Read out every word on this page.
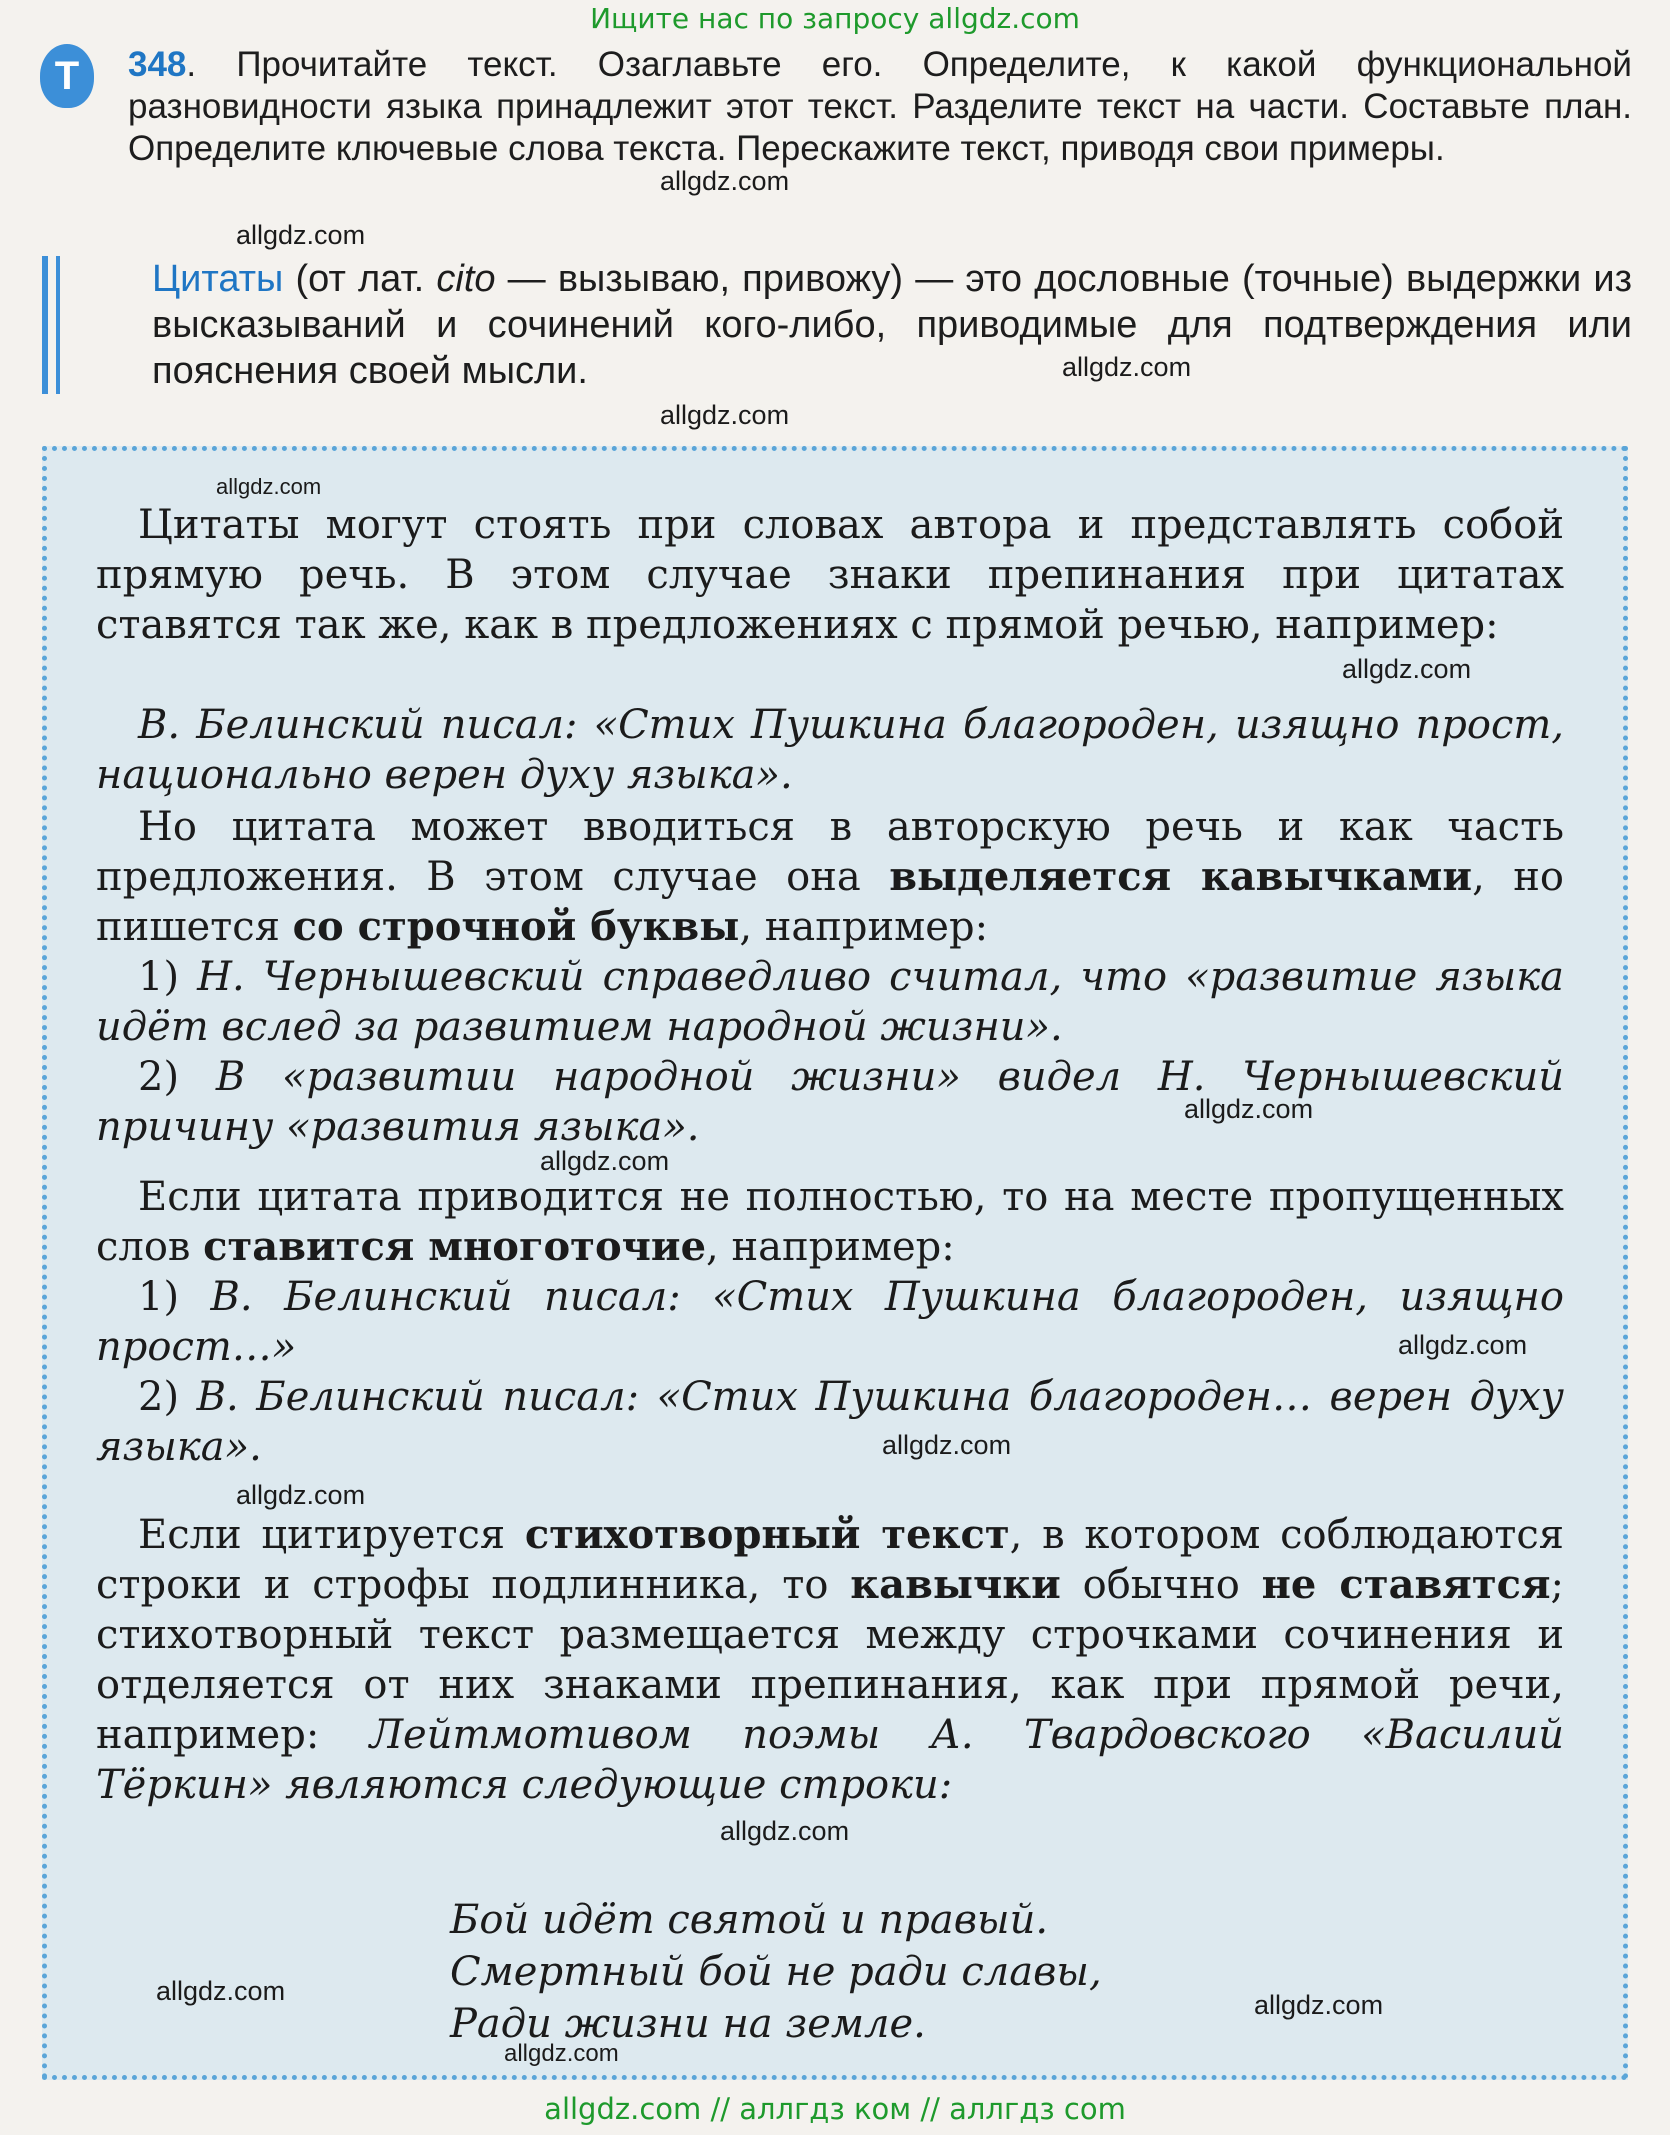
Ищите нас по запросу allgdz.com
Т	348. Прочитайте текст. Озаглавьте его. Определите, к какой функциональной разновидности языка принадлежит этот текст. Разделите текст на части. Составьте план. Определите ключевые слова текста. Перескажите текст, приводя свои примеры.
Цитаты (от лат. cito — вызываю, привожу) — это дословные (точные) выдержки из высказываний и сочинений кого-либо, приводимые для подтверждения или пояснения своей мысли.
Цитаты могут стоять при словах автора и представлять собой прямую речь. В этом случае знаки препинания при цитатах ставятся так же, как в предложениях с прямой речью, например:
В. Белинский писал: «Стих Пушкина благороден, изящно прост, национально верен духу языка».
Но цитата может вводиться в авторскую речь и как часть предложения. В этом случае она выделяется кавычками, но пишется со строчной буквы, например:
1) Н. Чернышевский справедливо считал, что «развитие языка идёт вслед за развитием народной жизни».
2) В «развитии народной жизни» видел Н. Чернышевский причину «развития языка».
Если цитата приводится не полностью, то на месте пропущенных слов ставится многоточие, например:
1) В. Белинский писал: «Стих Пушкина благороден, изящно прост…»
2) В. Белинский писал: «Стих Пушкина благороден… верен духу языка».
Если цитируется стихотворный текст, в котором соблюдаются строки и строфы подлинника, то кавычки обычно не ставятся; стихотворный текст размещается между строчками сочинения и отделяется от них знаками препинания, как при прямой речи, например: Лейтмотивом поэмы А. Твардовского «Василий Тёркин» являются следующие строки:
Бой идёт святой и правый.
Смертный бой не ради славы,
Ради жизни на земле.
allgdz.com
allgdz.com
allgdz.com
allgdz.com
allgdz.com
allgdz.com
allgdz.com
allgdz.com
allgdz.com
allgdz.com
allgdz.com
allgdz.com
allgdz.com	allgdz.com
allgdz.com
allgdz.com // аллгдз ком // аллгдз com
